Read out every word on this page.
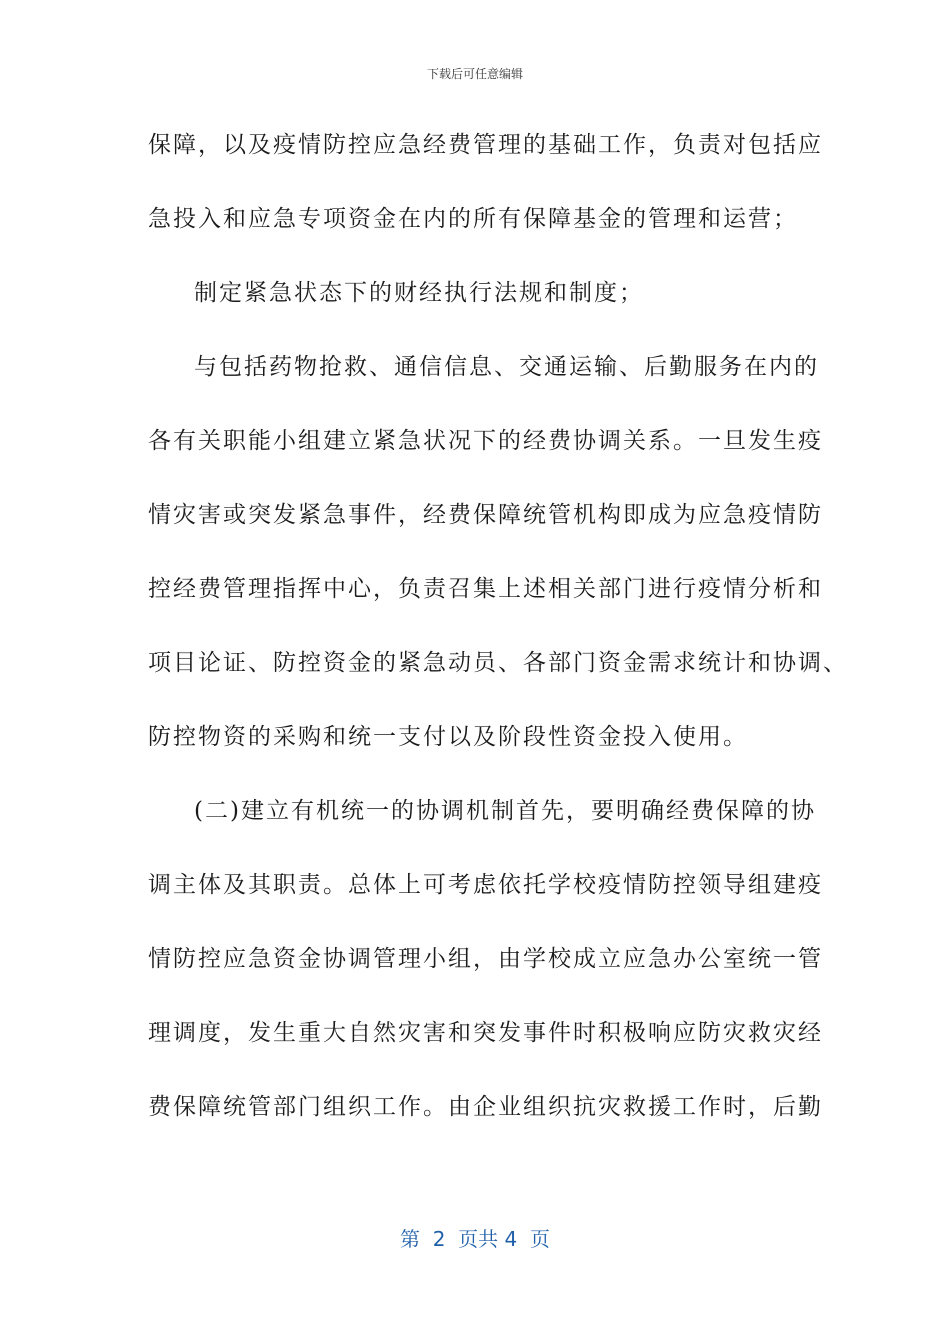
下载后可任意编辑
保障，以及疫情防控应急经费管理的基础工作，负责对包括应
急投入和应急专项资金在内的所有保障基金的管理和运营；
制定紧急状态下的财经执行法规和制度；
与包括药物抢救、通信信息、交通运输、后勤服务在内的
各有关职能小组建立紧急状况下的经费协调关系。一旦发生疫
情灾害或突发紧急事件，经费保障统管机构即成为应急疫情防
控经费管理指挥中心，负责召集上述相关部门进行疫情分析和
项目论证、防控资金的紧急动员、各部门资金需求统计和协调、
防控物资的采购和统一支付以及阶段性资金投入使用。
(二)建立有机统一的协调机制首先，要明确经费保障的协
调主体及其职责。总体上可考虑依托学校疫情防控领导组建疫
情防控应急资金协调管理小组，由学校成立应急办公室统一管
理调度，发生重大自然灾害和突发事件时积极响应防灾救灾经
费保障统管部门组织工作。由企业组织抗灾救援工作时，后勤
第  2  页共 4  页
